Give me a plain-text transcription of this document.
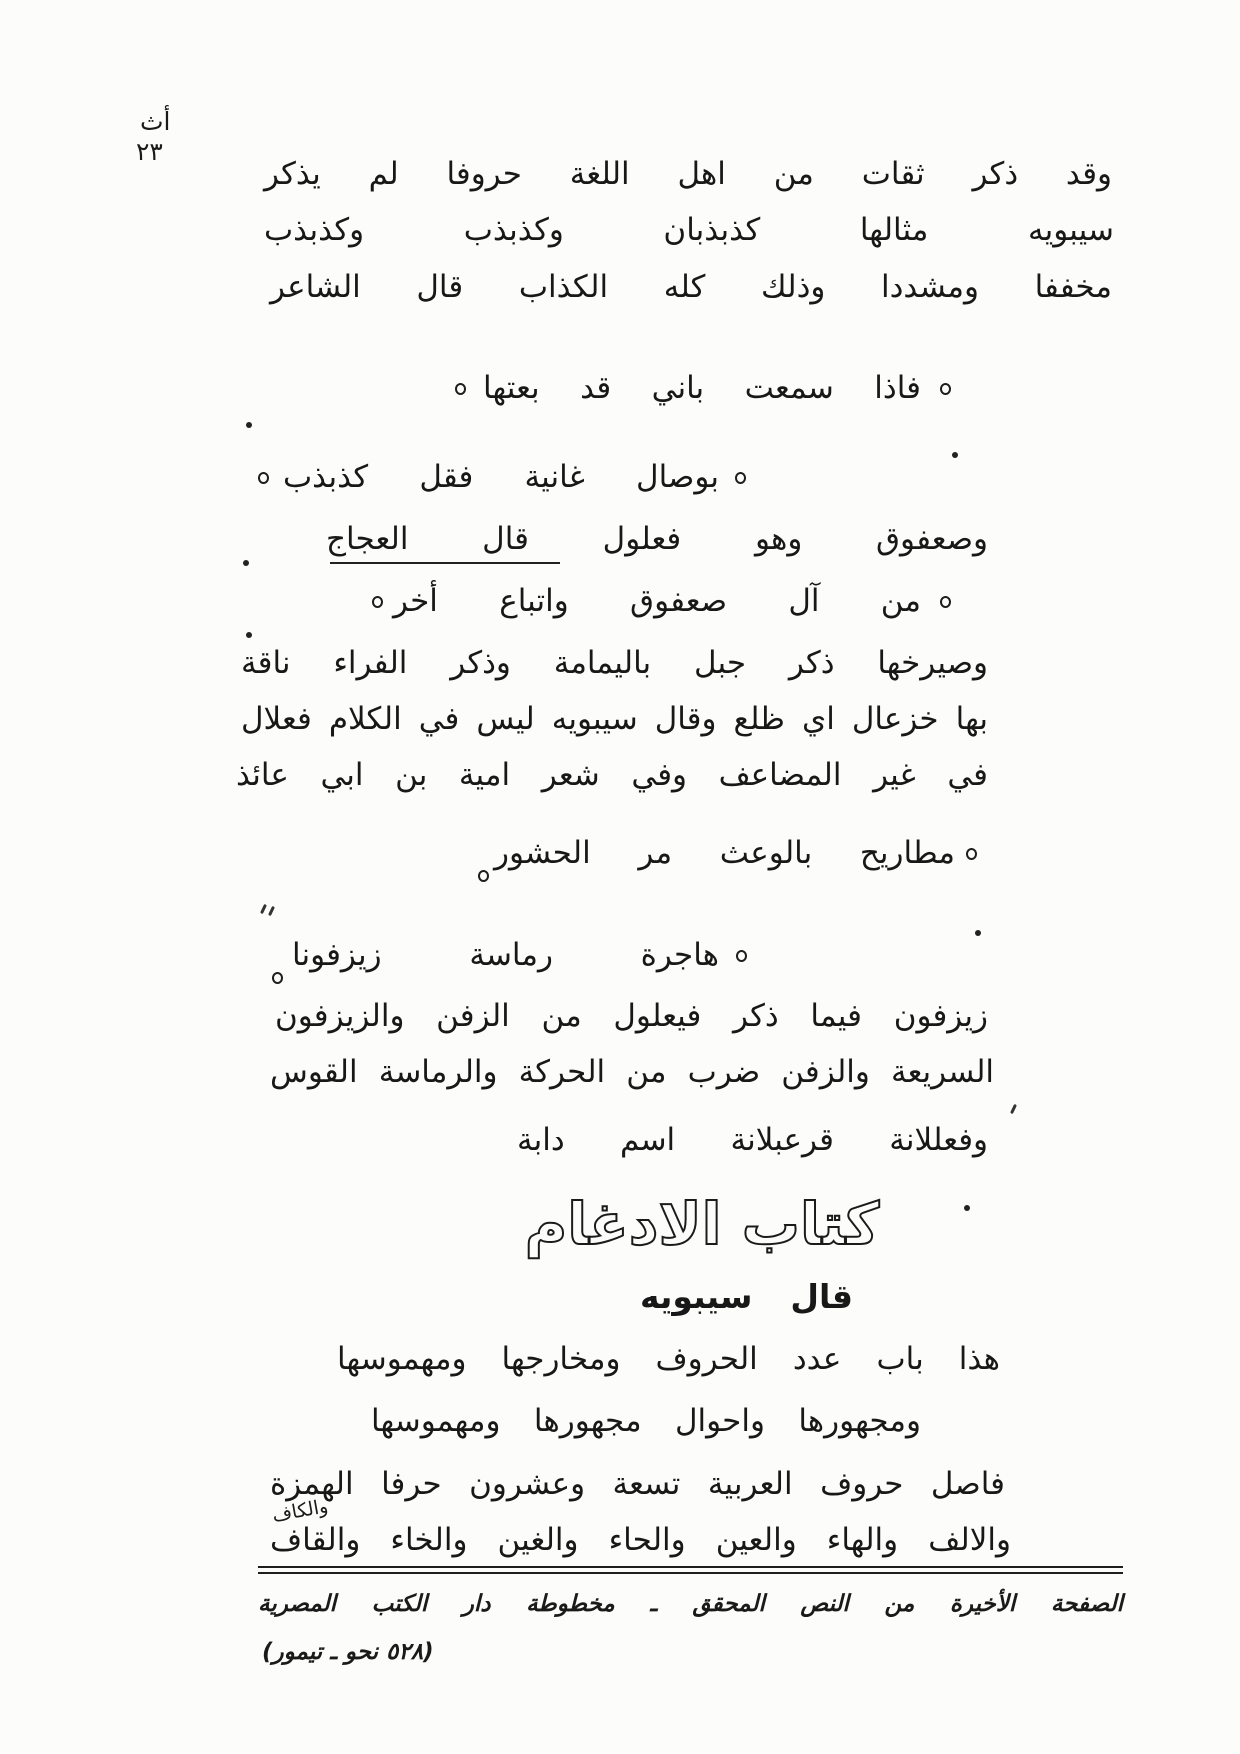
أث
٢٣
وقد ذكر ثقات من اهل اللغة حروفا لم يذكر
سيبويه مثالها كذبذبان وكذبذب وكذبذب
مخففا ومشددا وذلك كله الكذاب قال الشاعر
فاذا سمعت باني قد بعتها
بوصال غانية فقل كذبذب
وصعفوق وهو فعلول قال العجاج
من آل صعفوق واتباع أخر
وصيرخها ذكر جبل باليمامة وذكر الفراء ناقة
بها خزعال اي ظلع وقال سيبويه ليس في الكلام فعلال
في غير المضاعف وفي شعر امية بن ابي عائذ
مطاريح بالوعث مر الحشور
هاجرة رماسة زيزفونا
زيزفون فيما ذكر فيعلول من الزفن والزيزفون
السريعة والزفن ضرب من الحركة والرماسة القوس
وفعللانة قرعبلانة اسم دابة
كتاب الادغام
قال سيبويه
هذا باب عدد الحروف ومخارجها ومهموسها
ومجهورها واحوال مجهورها ومهموسها
فاصل حروف العربية تسعة وعشرون حرفا الهمزة
والالف والهاء والعين والحاء والغين والخاء والقاف
والكاف
الصفحة الأخيرة من النص المحقق ـ مخطوطة دار الكتب المصرية
(٥٢٨ نحو ـ تيمور)
